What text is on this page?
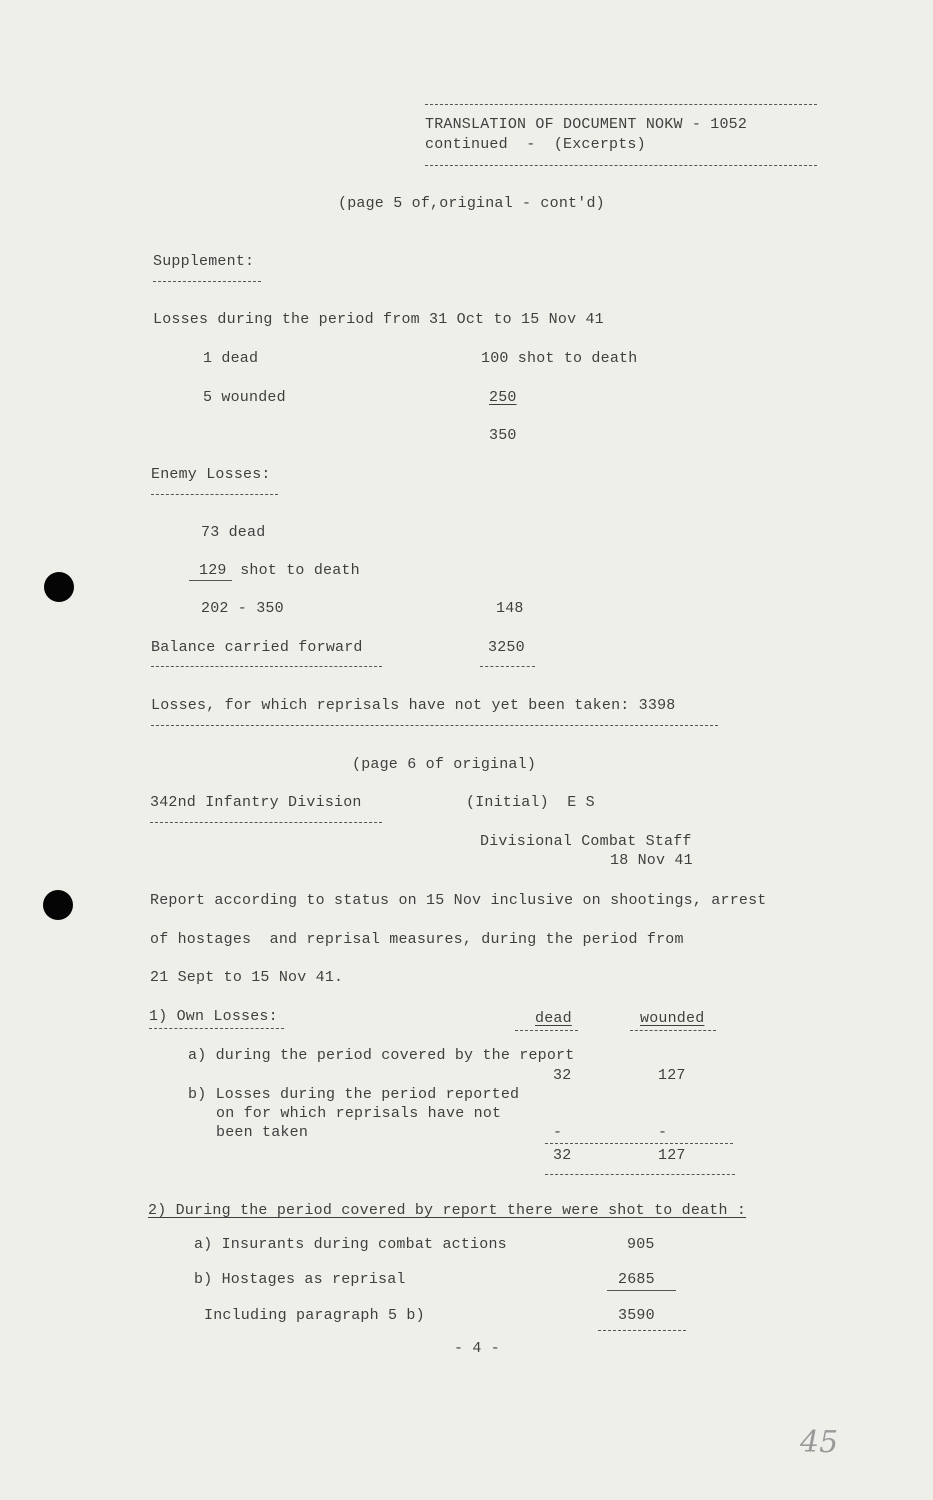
TRANSLATION OF DOCUMENT NOKW - 1052
continued  -  (Excerpts)
(page 5 of,original - cont'd)
Supplement:
Losses during the period from 31 Oct to 15 Nov 41
1 dead	100 shot to death
5 wounded	250
350
Enemy Losses:
73 dead
129 shot to death
202 - 350	148
Balance carried forward	3250
Losses, for which reprisals have not yet been taken: 3398
(page 6 of original)
342nd Infantry Division	(Initial)  E S
Divisional Combat Staff
18 Nov 41
Report according to status on 15 Nov inclusive on shootings, arrest
of hostages  and reprisal measures, during the period from
21 Sept to 15 Nov 41.
1) Own Losses:	dead	wounded
a) during the period covered by the report
32	127
b) Losses during the period reported
on for which reprisals have not
been taken	-	-
32	127
2) During the period covered by report there were shot to death :
a) Insurants during combat actions	905
b) Hostages as reprisal	2685
Including paragraph 5 b)	3590
- 4 -
45
